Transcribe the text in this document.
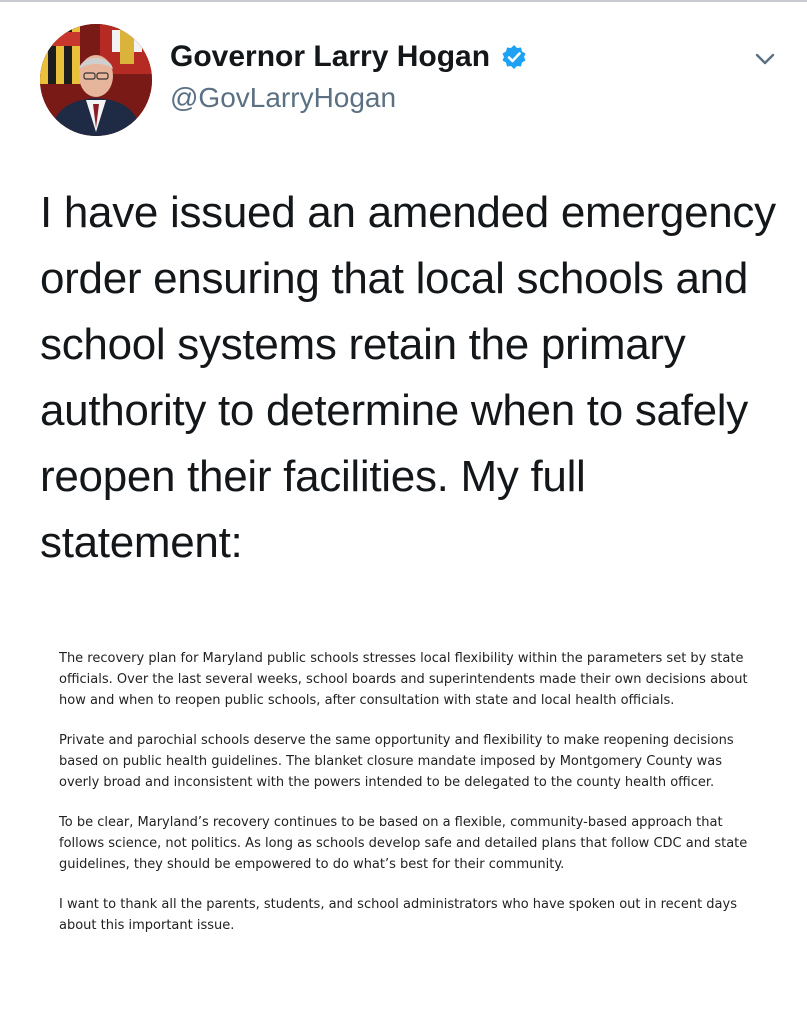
Governor Larry Hogan
@GovLarryHogan

I have issued an amended emergency order ensuring that local schools and school systems retain the primary authority to determine when to safely reopen their facilities. My full statement:

The recovery plan for Maryland public schools stresses local flexibility within the parameters set by state officials. Over the last several weeks, school boards and superintendents made their own decisions about how and when to reopen public schools, after consultation with state and local health officials.

Private and parochial schools deserve the same opportunity and flexibility to make reopening decisions based on public health guidelines. The blanket closure mandate imposed by Montgomery County was overly broad and inconsistent with the powers intended to be delegated to the county health officer.

To be clear, Maryland’s recovery continues to be based on a flexible, community-based approach that follows science, not politics. As long as schools develop safe and detailed plans that follow CDC and state guidelines, they should be empowered to do what’s best for their community.

I want to thank all the parents, students, and school administrators who have spoken out in recent days about this important issue.
